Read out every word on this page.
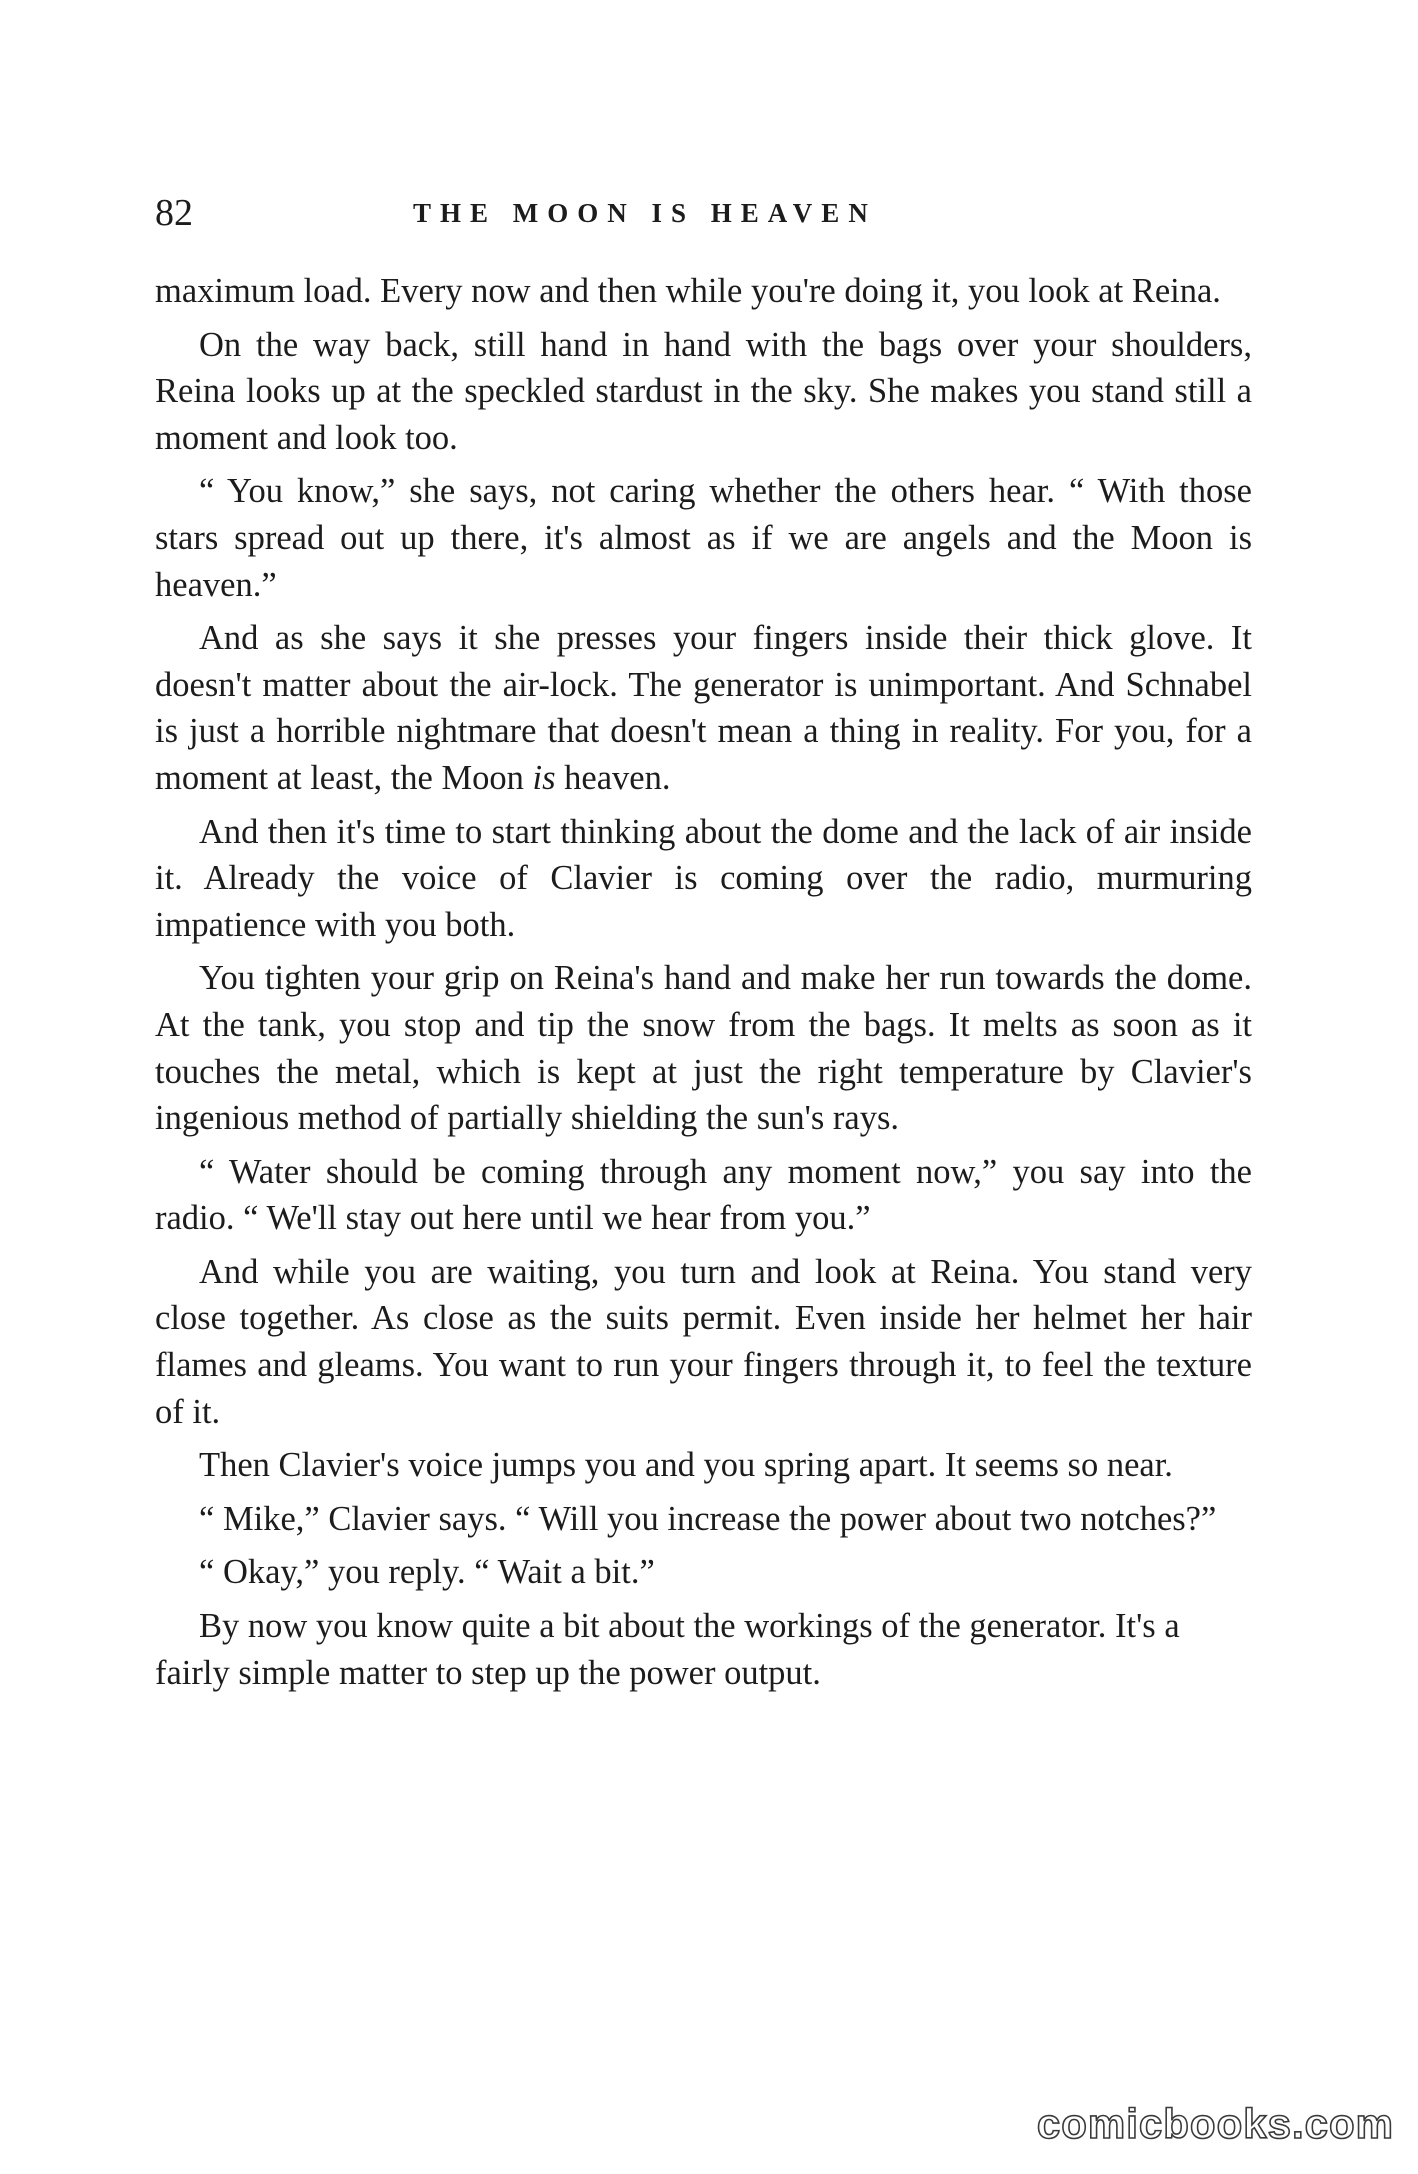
82	THE MOON IS HEAVEN

maximum load. Every now and then while you're doing it, you look at Reina.

On the way back, still hand in hand with the bags over your shoulders, Reina looks up at the speckled stardust in the sky. She makes you stand still a moment and look too.

“ You know,” she says, not caring whether the others hear. “ With those stars spread out up there, it's almost as if we are angels and the Moon is heaven.”

And as she says it she presses your fingers inside their thick glove. It doesn't matter about the air-lock. The generator is unimportant. And Schnabel is just a horrible nightmare that doesn't mean a thing in reality. For you, for a moment at least, the Moon is heaven.

And then it's time to start thinking about the dome and the lack of air inside it. Already the voice of Clavier is coming over the radio, murmuring impatience with you both.

You tighten your grip on Reina's hand and make her run towards the dome. At the tank, you stop and tip the snow from the bags. It melts as soon as it touches the metal, which is kept at just the right temperature by Clavier's ingenious method of partially shielding the sun's rays.

“ Water should be coming through any moment now,” you say into the radio. “ We'll stay out here until we hear from you.”

And while you are waiting, you turn and look at Reina. You stand very close together. As close as the suits permit. Even inside her helmet her hair flames and gleams. You want to run your fingers through it, to feel the texture of it.

Then Clavier's voice jumps you and you spring apart. It seems so near.

“ Mike,” Clavier says. “ Will you increase the power about two notches?”

“ Okay,” you reply. “ Wait a bit.”

By now you know quite a bit about the workings of the generator. It's a fairly simple matter to step up the power output.

comicbooks.com
